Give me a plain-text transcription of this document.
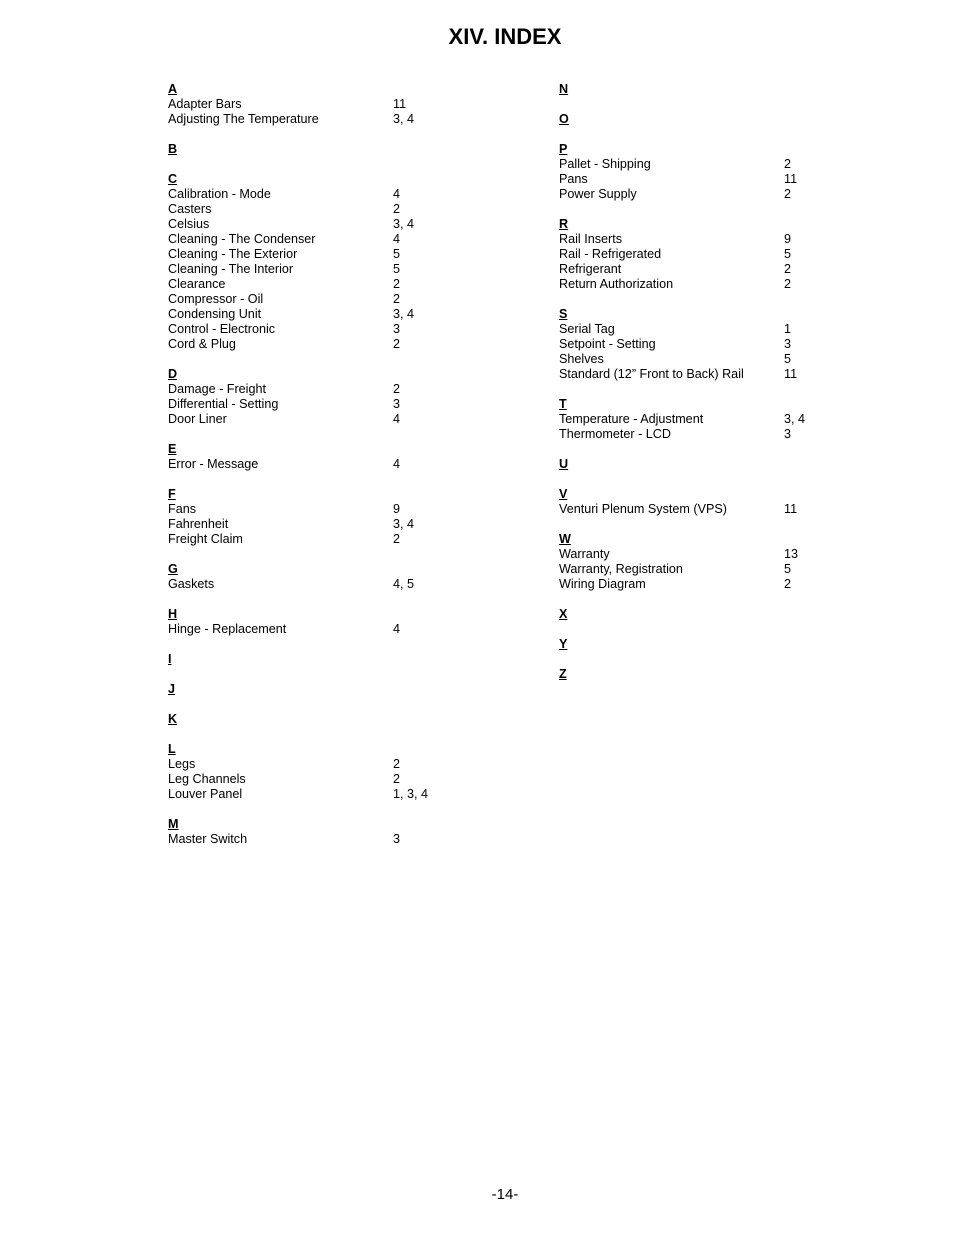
XIV. INDEX
A
Adapter Bars	11
Adjusting The Temperature	3, 4
B
C
Calibration - Mode	4
Casters	2
Celsius	3, 4
Cleaning - The Condenser	4
Cleaning - The Exterior	5
Cleaning - The Interior	5
Clearance	2
Compressor - Oil	2
Condensing Unit	3, 4
Control - Electronic	3
Cord & Plug	2
D
Damage - Freight	2
Differential - Setting	3
Door Liner	4
E
Error - Message	4
F
Fans	9
Fahrenheit	3, 4
Freight Claim	2
G
Gaskets	4, 5
H
Hinge - Replacement	4
I
J
K
L
Legs	2
Leg Channels	2
Louver Panel	1, 3, 4
M
Master Switch	3
N
O
P
Pallet - Shipping	2
Pans	11
Power Supply	2
R
Rail Inserts	9
Rail - Refrigerated	5
Refrigerant	2
Return Authorization	2
S
Serial Tag	1
Setpoint - Setting	3
Shelves	5
Standard (12” Front to Back) Rail	11
T
Temperature - Adjustment	3, 4
Thermometer - LCD	3
U
V
Venturi Plenum System (VPS)	11
W
Warranty	13
Warranty, Registration	5
Wiring Diagram	2
X
Y
Z
-14-
